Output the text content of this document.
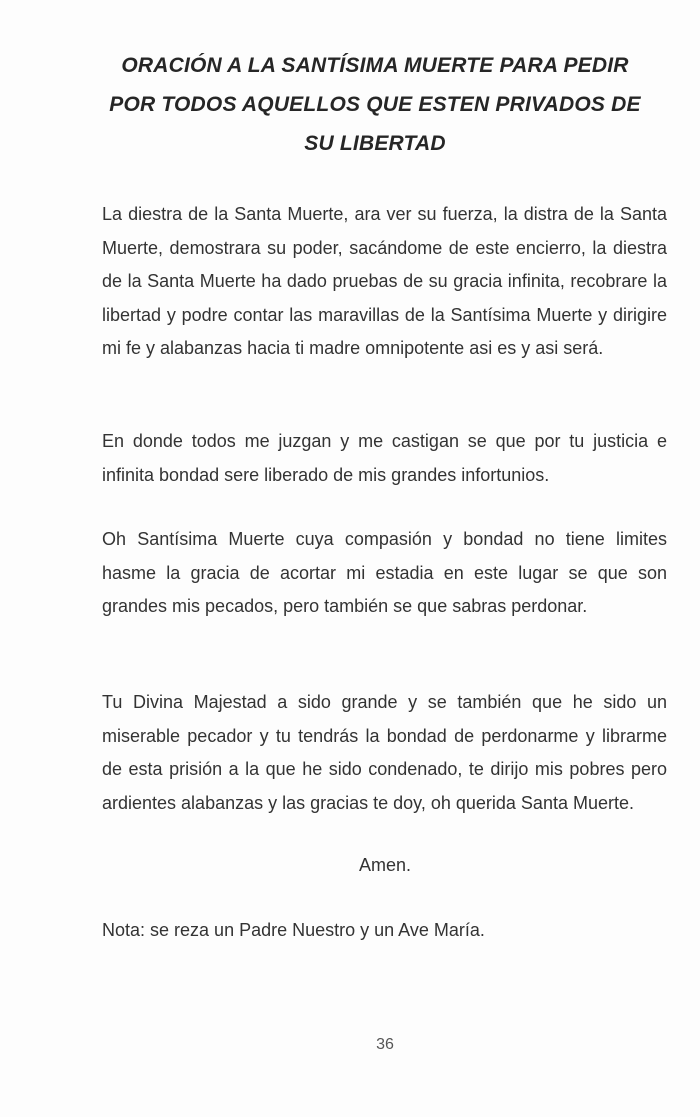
ORACIÓN A LA SANTÍSIMA MUERTE PARA PEDIR
POR TODOS AQUELLOS QUE ESTEN PRIVADOS DE
SU LIBERTAD
La diestra de la Santa Muerte, ara ver su fuerza, la distra de la Santa Muerte, demostrara su poder, sacándome de este encierro, la diestra de la Santa Muerte ha dado pruebas de su gracia infinita, recobrare la libertad y podre contar las maravillas de la Santísima Muerte y dirigire mi fe y alabanzas hacia ti madre omnipotente asi es y asi será.
En donde todos me juzgan y me castigan se que por tu justicia e infinita bondad sere liberado de mis grandes infortunios.
Oh Santísima Muerte cuya compasión y bondad no tiene limites hasme la gracia de acortar mi estadia en este lugar se que son grandes mis pecados, pero también se que sabras perdonar.
Tu Divina Majestad a sido grande y se también que he sido un miserable pecador y tu tendrás la bondad de perdonarme y librarme de esta prisión a la que he sido condenado, te dirijo mis pobres pero ardientes alabanzas y las gracias te doy, oh querida Santa Muerte.
Amen.
Nota: se reza un Padre Nuestro y un Ave María.
36
